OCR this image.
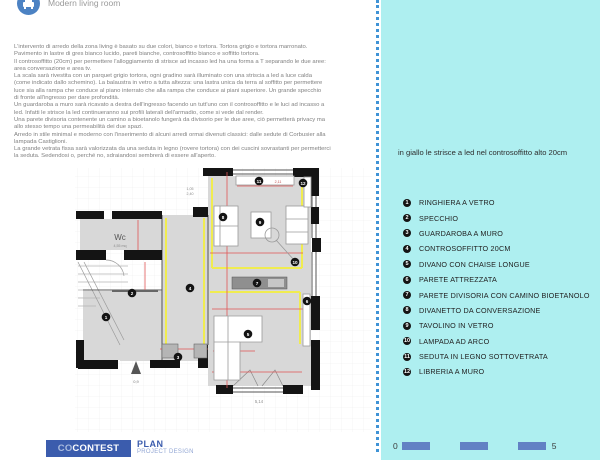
Modern living room
L'intervento di arredo della zona living è basato su due colori, bianco e tortora. Tortora grigio e tortora marronato.
Pavimento in lastre di gres bianco lucido, pareti bianche, controsoffitto bianco e soffitto tortora.
Il controsoffitto (20cm) per permettere l'alloggiamento di strisce ad incasso led ha una forma a T separando le due aree:
area conversazione e area tv.
La scala sarà rivestita con un parquet grigio tortora, ogni gradino sarà illuminato con una striscia a led a luce calda
(come indicato dallo schemino). La balaustra in vetro a tutta altezza: una lastra unica da terra al soffitto per permettere
luce sia alla rampa che conduce al piano interrato che alla rampa che conduce ai piani superiore. Un grande specchio
di fronte all'ingresso per dare profondità.
Un guardaroba a muro sarà ricavato a destra dell'ingresso facendo un tutt'uno con il controsoffitto e le luci ad incasso a
led. Infatti le strisce la led continueranno sui profili laterali dell'armadio, come si vede dal render.
Una parete divisoria contenente un camino a bioetanolo fungerà da divisorio per le due aree, ciò permetterà privacy ma
allo stesso tempo una permeabilità dei due spazi.
Arredo in stile minimal e moderno con l'inserimento di alcuni arredi ormai divenuti classici: dalle sedute di Corbusier alla
lampada Castiglioni.
La grande vetrata fissa sarà valorizzata da una seduta in legno (rovere tortora) con dei cuscini sovrastanti per permetterci
la seduta. Sedendosi o, perché no, sdraiandosi sembrerà di essere all'aperto.
Wc
4,55 mq
0,9
5,14
1,05
2,40
2,11
1
2
3
4
5
6
7
8
9
10
11	12
in giallo le strisce a led nel controsoffitto alto 20cm
1	RINGHIERA A VETRO
2	SPECCHIO
3	GUARDAROBA A MURO
4	CONTROSOFFITTO 20CM
5	DIVANO CON CHAISE LONGUE
6	PARETE ATTREZZATA
7	PARETE DIVISORIA CON CAMINO BIOETANOLO
8	DIVANETTO DA CONVERSAZIONE
9	TAVOLINO IN VETRO
10 LAMPADA AD ARCO
11 SEDUTA IN LEGNO SOTTOVETRATA
12 LIBRERIA A MURO
0	5
CO CONTEST PLAN
PROJECT DESIGN
